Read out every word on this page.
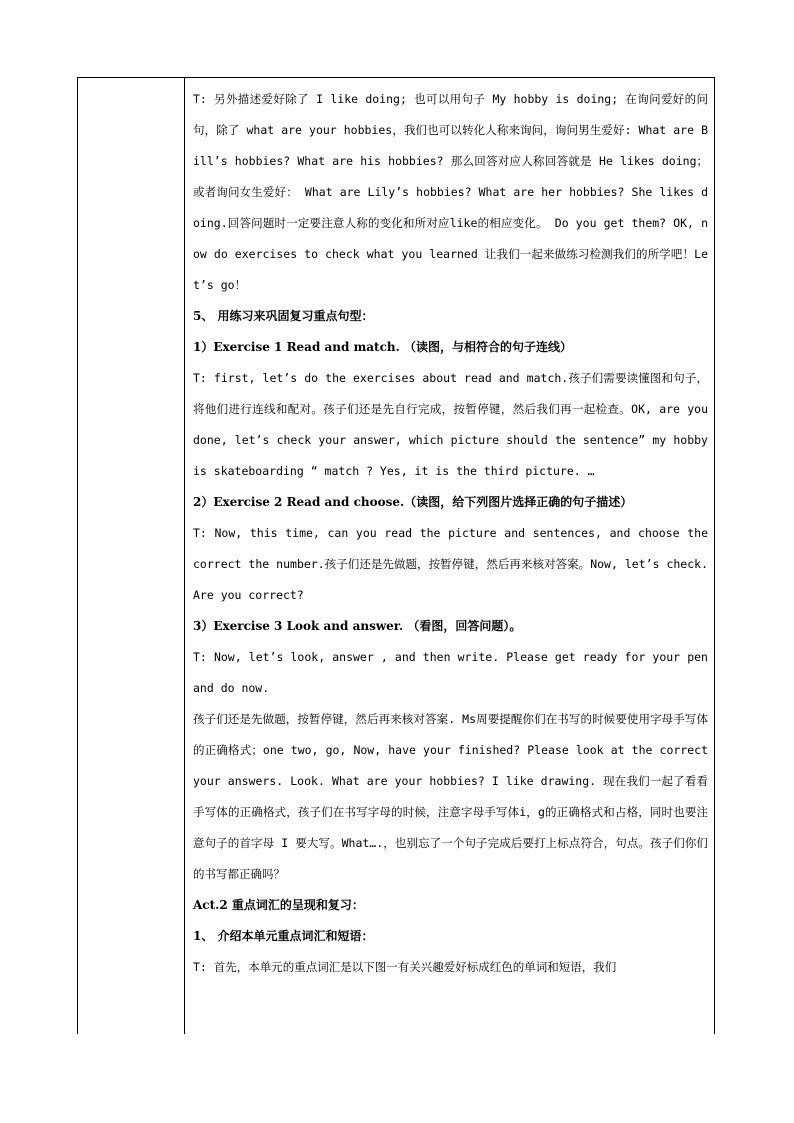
T: 另外描述爱好除了 I like doing; 也可以用句子 My hobby is doing; 在询问爱好的问句，除了 what are your hobbies，我们也可以转化人称来询问，询问男生爱好: What are Bill’s hobbies? What are his hobbies? 那么回答对应人称回答就是 He likes doing；或者询问女生爱好： What are Lily’s hobbies? What are her hobbies? She likes doing.回答问题时一定要注意人称的变化和所对应like的相应变化。 Do you get them? OK, now do exercises to check what you learned 让我们一起来做练习检测我们的所学吧！Let’s go！

5、 用练习来巩固复习重点句型：

1）Exercise 1 Read and match. （读图，与相符合的句子连线）

T: first, let’s do the exercises about read and match.孩子们需要读懂图和句子，将他们进行连线和配对。孩子们还是先自行完成，按暂停键，然后我们再一起检查。OK, are you done, let’s check your answer, which picture should the sentence” my hobby is skateboarding “ match ? Yes, it is the third picture. …

2）Exercise 2 Read and choose.（读图，给下列图片选择正确的句子描述）

T: Now, this time, can you read the picture and sentences, and choose the correct the number.孩子们还是先做题，按暂停键，然后再来核对答案。Now, let’s check. Are you correct?

3）Exercise 3 Look and answer. （看图，回答问题）。

T: Now, let’s look, answer , and then write. Please get ready for your pen and do now.

孩子们还是先做题，按暂停键，然后再来核对答案. Ms周要提醒你们在书写的时候要使用字母手写体的正确格式；one two, go, Now, have your finished? Please look at the correct your answers. Look. What are your hobbies? I like drawing. 现在我们一起了看看手写体的正确格式，孩子们在书写字母的时候，注意字母手写体i，g的正确格式和占格，同时也要注意句子的首字母 I 要大写。What….，也别忘了一个句子完成后要打上标点符合，句点。孩子们你们的书写都正确吗？

Act.2 重点词汇的呈现和复习：

1、 介绍本单元重点词汇和短语：

T: 首先，本单元的重点词汇是以下图一有关兴趣爱好标成红色的单词和短语，我们
